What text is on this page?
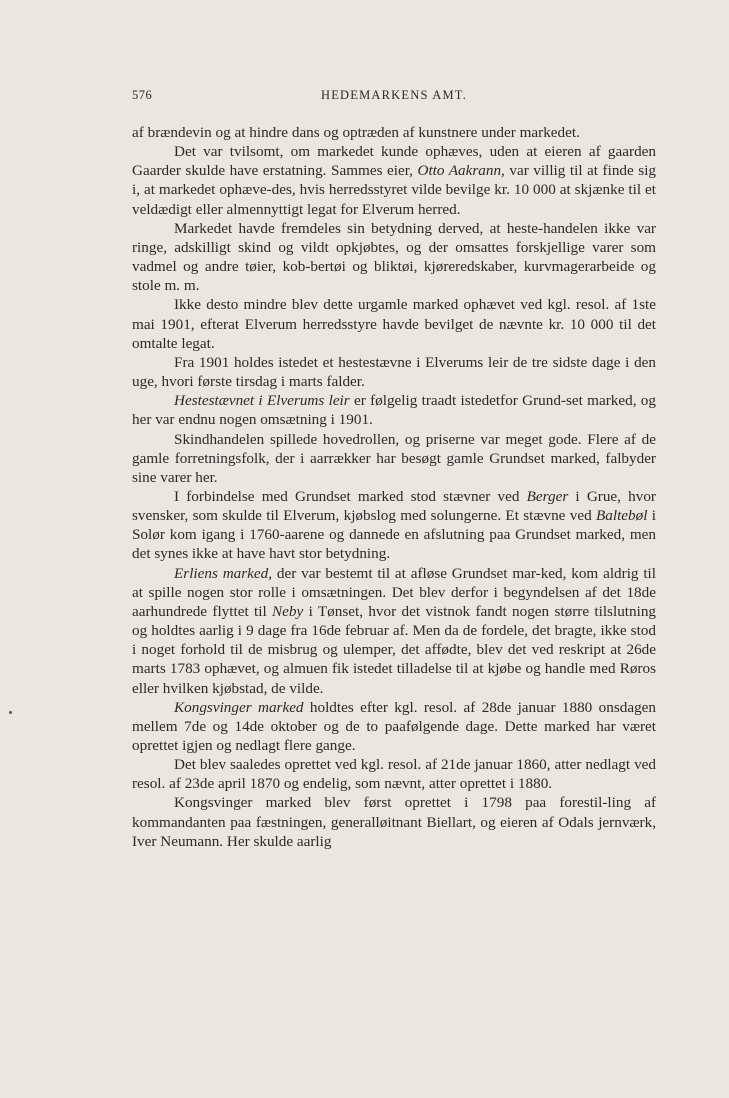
576	HEDEMARKENS AMT.

af brændevin og at hindre dans og optræden af kunstnere under markedet.

Det var tvilsomt, om markedet kunde ophæves, uden at eieren af gaarden Gaarder skulde have erstatning. Sammes eier, Otto Aakrann, var villig til at finde sig i, at markedet ophæve-des, hvis herredsstyret vilde bevilge kr. 10 000 at skjænke til et veldædigt eller almennyttigt legat for Elverum herred.

Markedet havde fremdeles sin betydning derved, at heste-handelen ikke var ringe, adskilligt skind og vildt opkjøbtes, og der omsattes forskjellige varer som vadmel og andre tøier, kob-bertøi og bliktøi, kjøreredskaber, kurvmagerarbeide og stole m. m.

Ikke desto mindre blev dette urgamle marked ophævet ved kgl. resol. af 1ste mai 1901, efterat Elverum herredsstyre havde bevilget de nævnte kr. 10 000 til det omtalte legat.

Fra 1901 holdes istedet et hestestævne i Elverums leir de tre sidste dage i den uge, hvori første tirsdag i marts falder.

Hestestævnet i Elverums leir er følgelig traadt istedetfor Grund-set marked, og her var endnu nogen omsætning i 1901.

Skindhandelen spillede hovedrollen, og priserne var meget gode. Flere af de gamle forretningsfolk, der i aarrækker har besøgt gamle Grundset marked, falbyder sine varer her.

I forbindelse med Grundset marked stod stævner ved Berger i Grue, hvor svensker, som skulde til Elverum, kjøbslog med solungerne. Et stævne ved Baltebøl i Solør kom igang i 1760-aarene og dannede en afslutning paa Grundset marked, men det synes ikke at have havt stor betydning.

Erliens marked, der var bestemt til at afløse Grundset mar-ked, kom aldrig til at spille nogen stor rolle i omsætningen. Det blev derfor i begyndelsen af det 18de aarhundrede flyttet til Neby i Tønset, hvor det vistnok fandt nogen større tilslutning og holdtes aarlig i 9 dage fra 16de februar af. Men da de fordele, det bragte, ikke stod i noget forhold til de misbrug og ulemper, det affødte, blev det ved reskript at 26de marts 1783 ophævet, og almuen fik istedet tilladelse til at kjøbe og handle med Røros eller hvilken kjøbstad, de vilde.

Kongsvinger marked holdtes efter kgl. resol. af 28de januar 1880 onsdagen mellem 7de og 14de oktober og de to paafølgende dage. Dette marked har været oprettet igjen og nedlagt flere gange.

Det blev saaledes oprettet ved kgl. resol. af 21de januar 1860, atter nedlagt ved resol. af 23de april 1870 og endelig, som nævnt, atter oprettet i 1880.

Kongsvinger marked blev først oprettet i 1798 paa forestil-ling af kommandanten paa fæstningen, generalløitnant Biellart, og eieren af Odals jernværk, Iver Neumann. Her skulde aarlig
